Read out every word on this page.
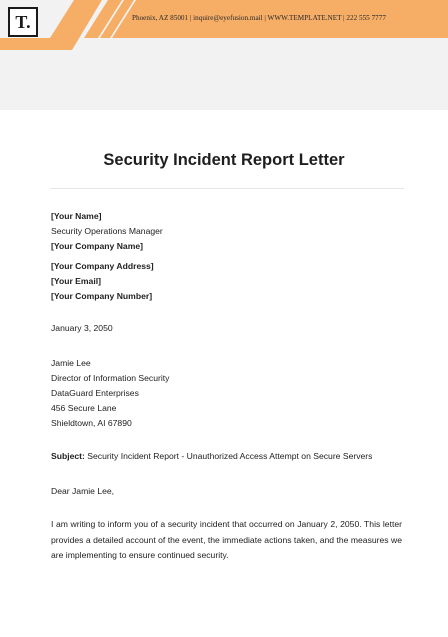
T.	Phoenix, AZ 85001 | inquire@eyefusion.mail | WWW.TEMPLATE.NET | 222 555 7777
Security Incident Report Letter
[Your Name]
Security Operations Manager
[Your Company Name]
[Your Company Address]
[Your Email]
[Your Company Number]
January 3, 2050
Jamie Lee
Director of Information Security
DataGuard Enterprises
456 Secure Lane
Shieldtown, AI 67890
Subject: Security Incident Report - Unauthorized Access Attempt on Secure Servers
Dear Jamie Lee,
I am writing to inform you of a security incident that occurred on January 2, 2050. This letter provides a detailed account of the event, the immediate actions taken, and the measures we are implementing to ensure continued security.
